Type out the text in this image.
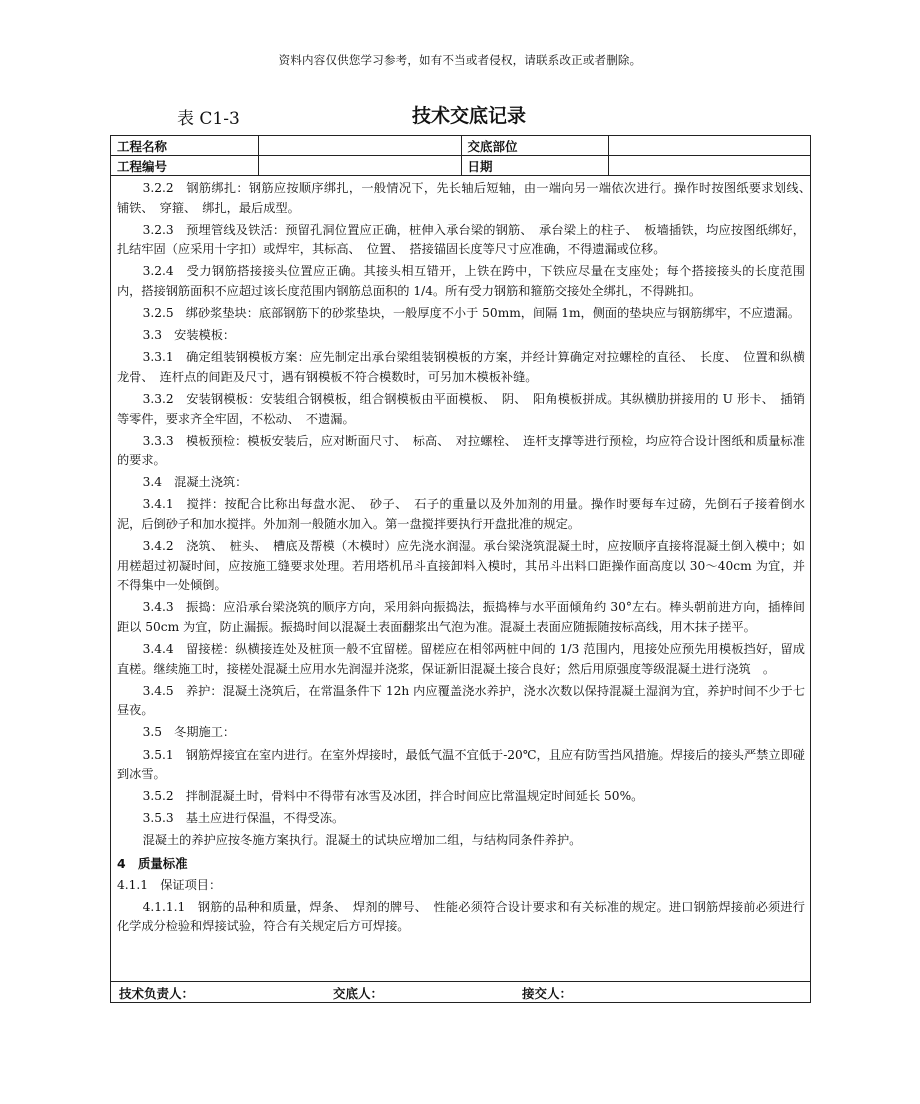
资料内容仅供您学习参考，如有不当或者侵权，请联系改正或者删除。
表 C1-3	技术交底记录
工程名称		交底部位	
工程编号		日期	

3.2.2　钢筋绑扎：钢筋应按顺序绑扎，一般情况下，先长轴后短轴，由一端向另一端依次进行。操作时按图纸要求划线、　铺铁、　穿箍、　绑扎，最后成型。

3.2.3　预埋管线及铁活：预留孔洞位置应正确，桩伸入承台梁的钢筋、　承台梁上的柱子、　板墙插铁，均应按图纸绑好，扎结牢固（应采用十字扣）或焊牢，其标高、　位置、　搭接锚固长度等尺寸应准确，不得遗漏或位移。

3.2.4　受力钢筋搭接接头位置应正确。其接头相互错开，上铁在跨中，下铁应尽量在支座处；每个搭接接头的长度范围内，搭接钢筋面积不应超过该长度范围内钢筋总面积的 1/4。所有受力钢筋和箍筋交接处全绑扎，不得跳扣。

3.2.5　绑砂浆垫块：底部钢筋下的砂浆垫块，一般厚度不小于 50mm，间隔 1m，侧面的垫块应与钢筋绑牢，不应遗漏。

3.3　安装模板：

3.3.1　确定组装钢模板方案：应先制定出承台梁组装钢模板的方案，并经计算确定对拉螺栓的直径、　长度、　位置和纵横龙骨、　连杆点的间距及尺寸，遇有钢模板不符合模数时，可另加木模板补缝。

3.3.2　安装钢模板：安装组合钢模板，组合钢模板由平面模板、　阴、　阳角模板拼成。其纵横肋拼接用的 U 形卡、　插销等零件，要求齐全牢固，不松动、　不遗漏。

3.3.3　模板预检：模板安装后，应对断面尺寸、　标高、　对拉螺栓、　连杆支撑等进行预检，均应符合设计图纸和质量标准的要求。

3.4　混凝土浇筑：

3.4.1　搅拌：按配合比称出每盘水泥、　砂子、　石子的重量以及外加剂的用量。操作时要每车过磅，先倒石子接着倒水泥，后倒砂子和加水搅拌。外加剂一般随水加入。第一盘搅拌要执行开盘批准的规定。

3.4.2　浇筑、　桩头、　槽底及帮模（木模时）应先浇水润湿。承台梁浇筑混凝土时，应按顺序直接将混凝土倒入模中；如用槎超过初凝时间，应按施工缝要求处理。若用塔机吊斗直接卸料入模时，其吊斗出料口距操作面高度以 30～40cm 为宜，并不得集中一处倾倒。

3.4.3　振捣：应沿承台梁浇筑的顺序方向，采用斜向振捣法，振捣棒与水平面倾角约 30°左右。棒头朝前进方向，插棒间距以 50cm 为宜，防止漏振。振捣时间以混凝土表面翻浆出气泡为准。混凝土表面应随振随按标高线，用木抹子搓平。

3.4.4　留接槎：纵横接连处及桩顶一般不宜留槎。留槎应在相邻两桩中间的 1/3 范围内，甩接处应预先用模板挡好，留成直槎。继续施工时，接槎处混凝土应用水先润湿并浇浆，保证新旧混凝土接合良好；然后用原强度等级混凝土进行浇筑　。

3.4.5　养护：混凝土浇筑后，在常温条件下 12h 内应覆盖浇水养护，浇水次数以保持混凝土湿润为宜，养护时间不少于七昼夜。

3.5　冬期施工：

3.5.1　钢筋焊接宜在室内进行。在室外焊接时，最低气温不宜低于-20℃，且应有防雪挡风措施。焊接后的接头严禁立即碰到冰雪。

3.5.2　拌制混凝土时，骨料中不得带有冰雪及冰团，拌合时间应比常温规定时间延长 50%。

3.5.3　基土应进行保温，不得受冻。

混凝土的养护应按冬施方案执行。混凝土的试块应增加二组，与结构同条件养护。

4　质量标准

4.1.1　保证项目：

4.1.1.1　钢筋的品种和质量，焊条、　焊剂的牌号、　性能必须符合设计要求和有关标准的规定。进口钢筋焊接前必须进行化学成分检验和焊接试验，符合有关规定后方可焊接。

技术负责人：	交底人：	接交人：
